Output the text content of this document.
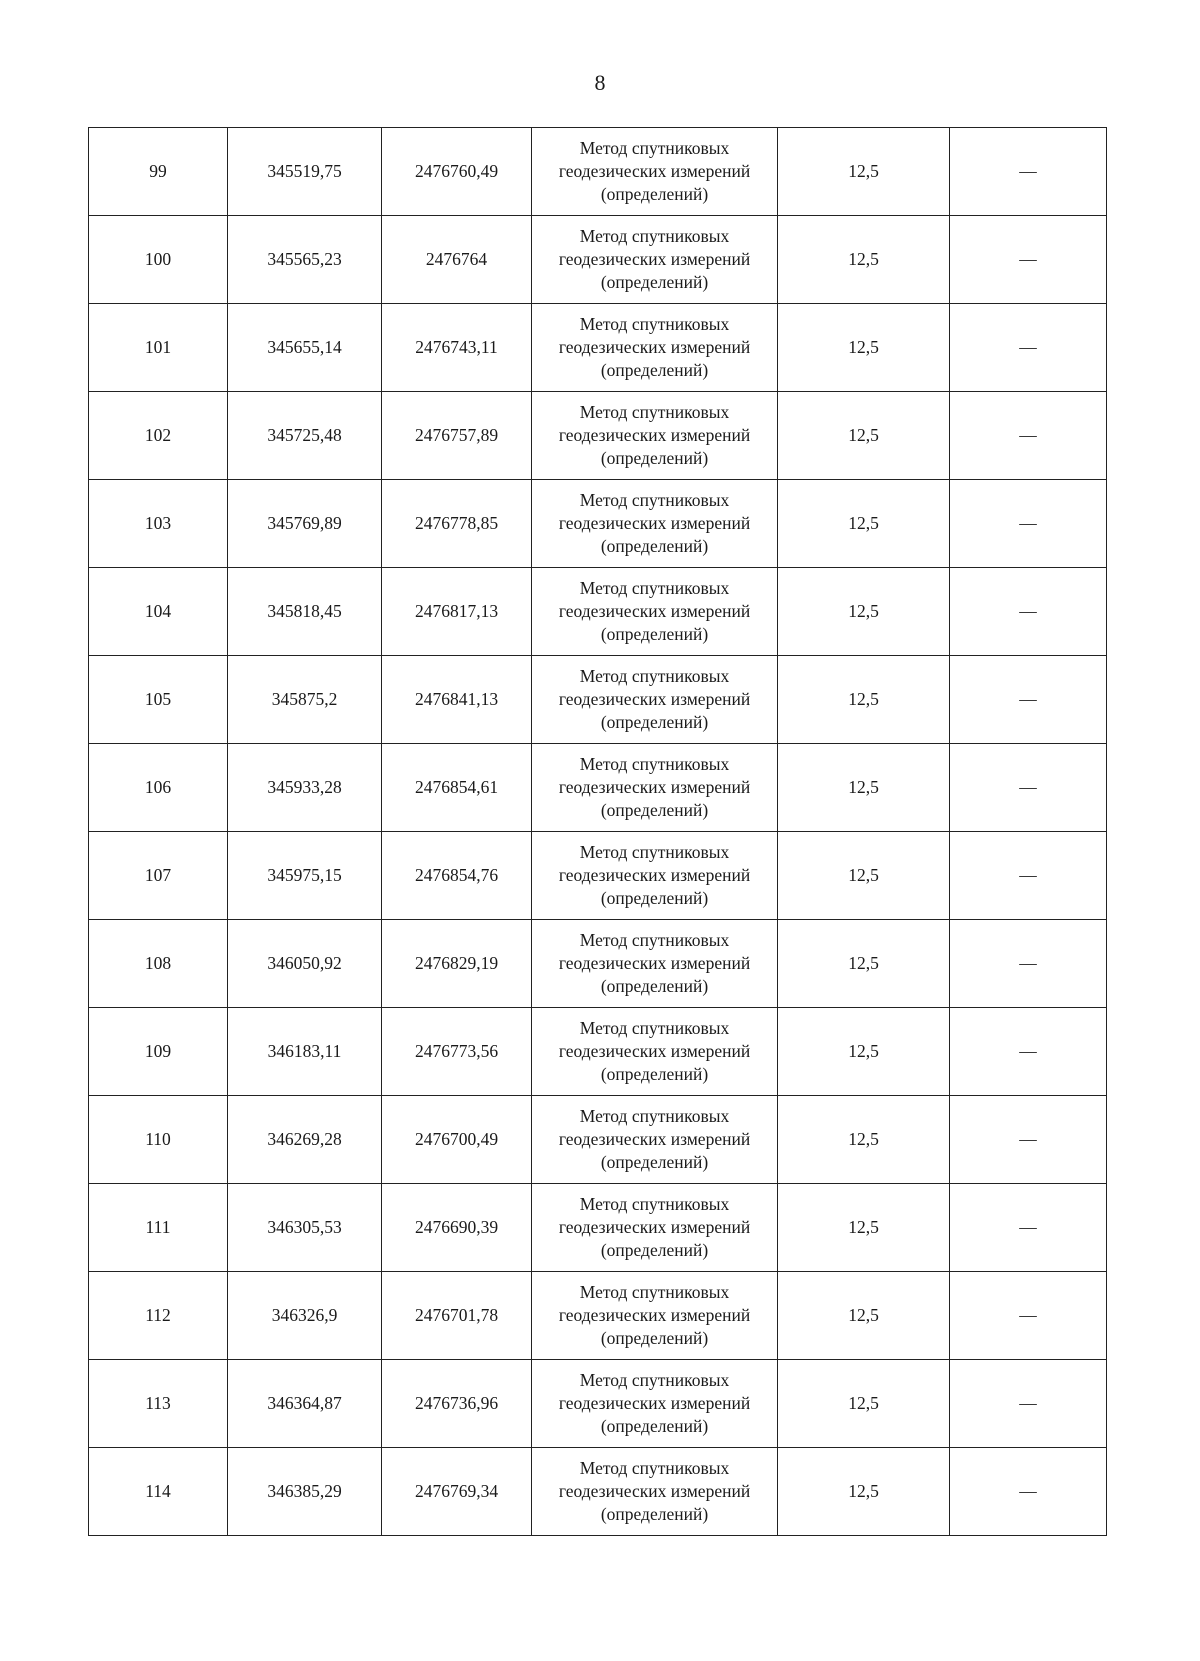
8
99	345519,75	2476760,49	Метод спутниковых
геодезических измерений
(определений)	12,5	—
100	345565,23	2476764	Метод спутниковых
геодезических измерений
(определений)	12,5	—
101	345655,14	2476743,11	Метод спутниковых
геодезических измерений
(определений)	12,5	—
102	345725,48	2476757,89	Метод спутниковых
геодезических измерений
(определений)	12,5	—
103	345769,89	2476778,85	Метод спутниковых
геодезических измерений
(определений)	12,5	—
104	345818,45	2476817,13	Метод спутниковых
геодезических измерений
(определений)	12,5	—
105	345875,2	2476841,13	Метод спутниковых
геодезических измерений
(определений)	12,5	—
106	345933,28	2476854,61	Метод спутниковых
геодезических измерений
(определений)	12,5	—
107	345975,15	2476854,76	Метод спутниковых
геодезических измерений
(определений)	12,5	—
108	346050,92	2476829,19	Метод спутниковых
геодезических измерений
(определений)	12,5	—
109	346183,11	2476773,56	Метод спутниковых
геодезических измерений
(определений)	12,5	—
110	346269,28	2476700,49	Метод спутниковых
геодезических измерений
(определений)	12,5	—
111	346305,53	2476690,39	Метод спутниковых
геодезических измерений
(определений)	12,5	—
112	346326,9	2476701,78	Метод спутниковых
геодезических измерений
(определений)	12,5	—
113	346364,87	2476736,96	Метод спутниковых
геодезических измерений
(определений)	12,5	—
114	346385,29	2476769,34	Метод спутниковых
геодезических измерений
(определений)	12,5	—
